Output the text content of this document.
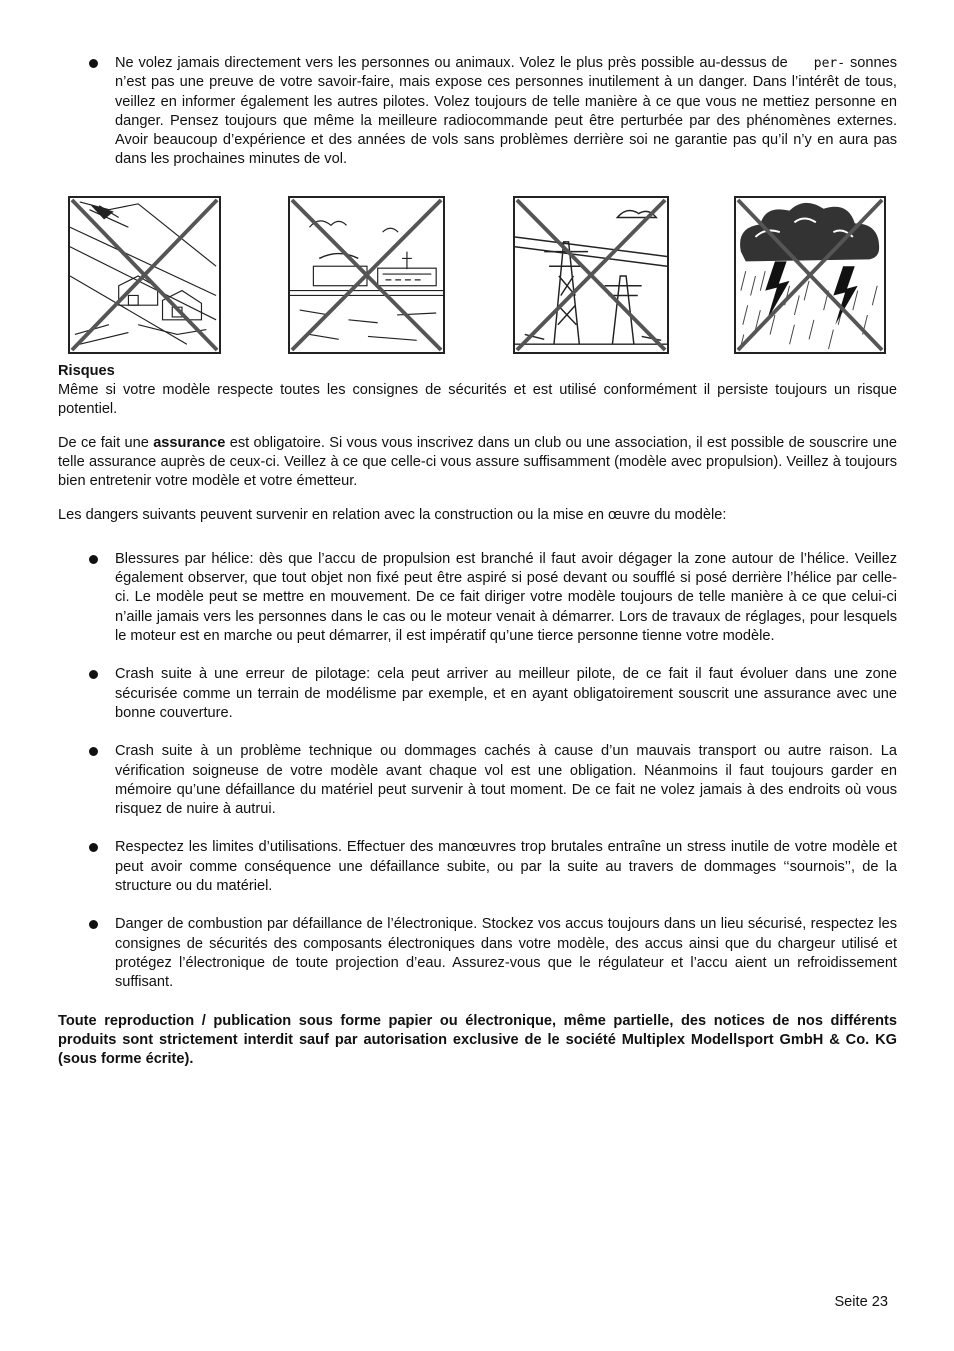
Ne volez jamais directement vers les personnes ou animaux. Volez le plus près possible au-dessus de per- sonnes n’est pas une preuve de votre savoir-faire, mais expose ces personnes inutilement à un danger. Dans l’intérêt de tous, veillez en informer également les autres pilotes. Volez toujours de telle manière à ce que vous ne mettiez personne en danger. Pensez toujours que même la meilleure radiocommande peut être perturbée par des phénomènes externes. Avoir beaucoup d’expérience et des années de vols sans problèmes derrière soi ne garantie pas qu’il n’y en aura pas dans les prochaines minutes de vol.
Risques

Même si votre modèle respecte toutes les consignes de sécurités et est utilisé conformément il persiste toujours un risque potentiel.

De ce fait une assurance est obligatoire. Si vous vous inscrivez dans un club ou une association, il est possible de souscrire une telle assurance auprès de ceux-ci. Veillez à ce que celle-ci vous assure suffisamment (modèle avec propulsion). Veillez à toujours bien entretenir votre modèle et votre émetteur.

Les dangers suivants peuvent survenir en relation avec la construction ou la mise en œuvre du modèle:

Blessures par hélice: dès que l’accu de propulsion est branché il faut avoir dégager la zone autour de l’hélice. Veillez également observer, que tout objet non fixé peut être aspiré si posé devant ou soufflé si posé derrière l’hélice par celle-ci. Le modèle peut se mettre en mouvement. De ce fait diriger votre modèle toujours de telle manière à ce que celui-ci n’aille jamais vers les personnes dans le cas ou le moteur venait à démarrer. Lors de travaux de réglages, pour lesquels le moteur est en marche ou peut démarrer, il est impératif qu’une tierce personne tienne votre modèle.
Crash suite à une erreur de pilotage: cela peut arriver au meilleur pilote, de ce fait il faut évoluer dans une zone sécurisée comme un terrain de modélisme par exemple, et en ayant obligatoirement souscrit une assurance avec une bonne couverture.
Crash suite à un problème technique ou dommages cachés à cause d’un mauvais transport ou autre raison. La vérification soigneuse de votre modèle avant chaque vol est une obligation. Néanmoins il faut toujours garder en mémoire qu’une défaillance du matériel peut survenir à tout moment. De ce fait ne volez jamais à des endroits où vous risquez de nuire à autrui.
Respectez les limites d’utilisations. Effectuer des manœuvres trop brutales entraîne un stress inutile de votre modèle et peut avoir comme conséquence une défaillance subite, ou par la suite au travers de dommages ‘‘sournois’’, de la structure ou du matériel.
Danger de combustion par défaillance de l’électronique. Stockez vos accus toujours dans un lieu sécurisé, respectez les consignes de sécurités des composants électroniques dans votre modèle, des accus ainsi que du chargeur utilisé et protégez l’électronique de toute projection d’eau. Assurez-vous que le régulateur et l’accu aient un refroidissement suffisant.

Toute reproduction / publication sous forme papier ou électronique, même partielle, des notices de nos différents produits sont strictement interdit sauf par autorisation exclusive de le société Multiplex Modellsport GmbH & Co. KG (sous forme écrite).

Seite 23
